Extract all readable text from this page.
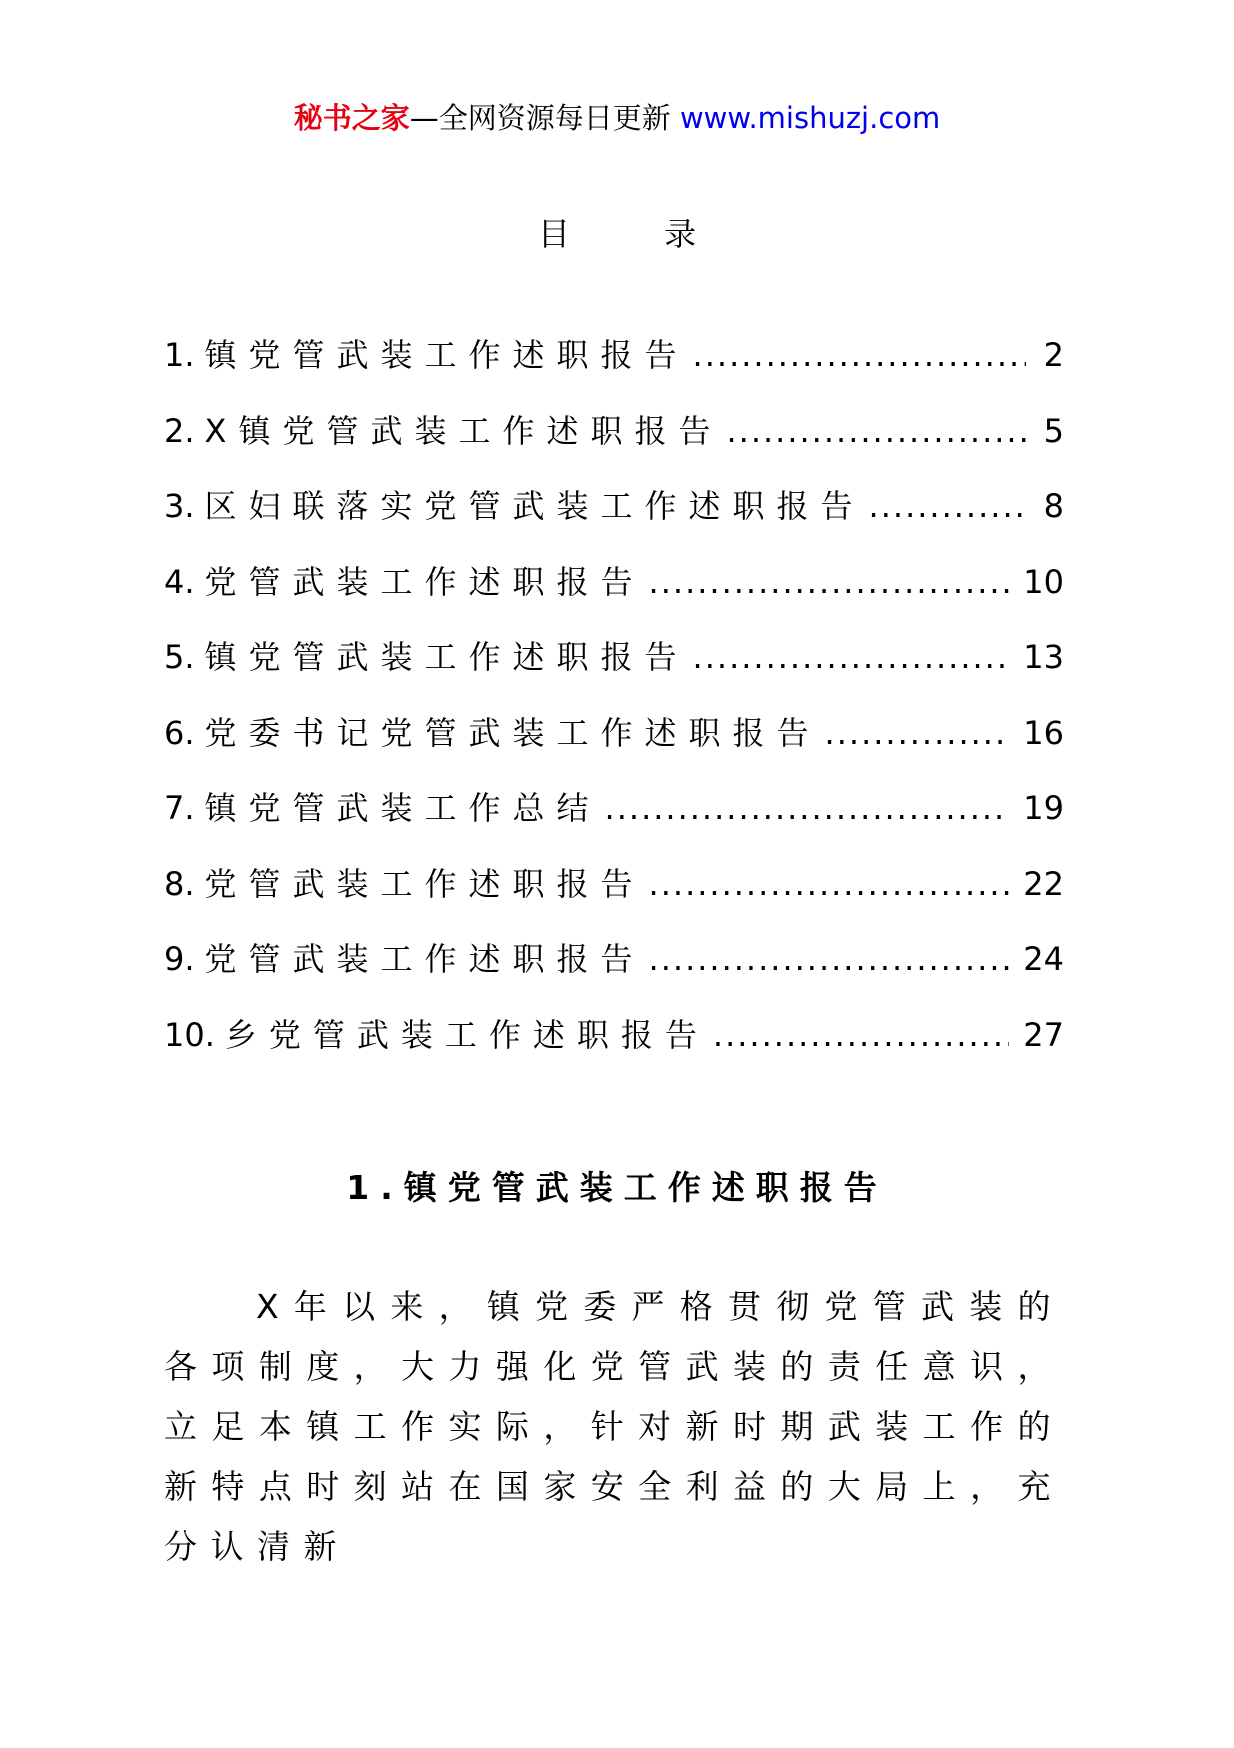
秘书之家—全网资源每日更新 www.mishuzj.com
目 录
1. 镇党管武装工作述职报告 .....	2
2. X镇党管武装工作述职报告 .....	5
3. 区妇联落实党管武装工作述职报告 .....	8
4. 党管武装工作述职报告 .....	10
5. 镇党管武装工作述职报告 .....	13
6. 党委书记党管武装工作述职报告 .....	16
7. 镇党管武装工作总结 .....	19
8. 党管武装工作述职报告 .....	22
9. 党管武装工作述职报告 .....	24
10. 乡党管武装工作述职报告 .....	27
1.镇党管武装工作述职报告

X年以来，镇党委严格贯彻党管武装的各项制度，大力强化党管武装的责任意识，立足本镇工作实际，针对新时期武装工作的新特点时刻站在国家安全利益的大局上，充分认清新
